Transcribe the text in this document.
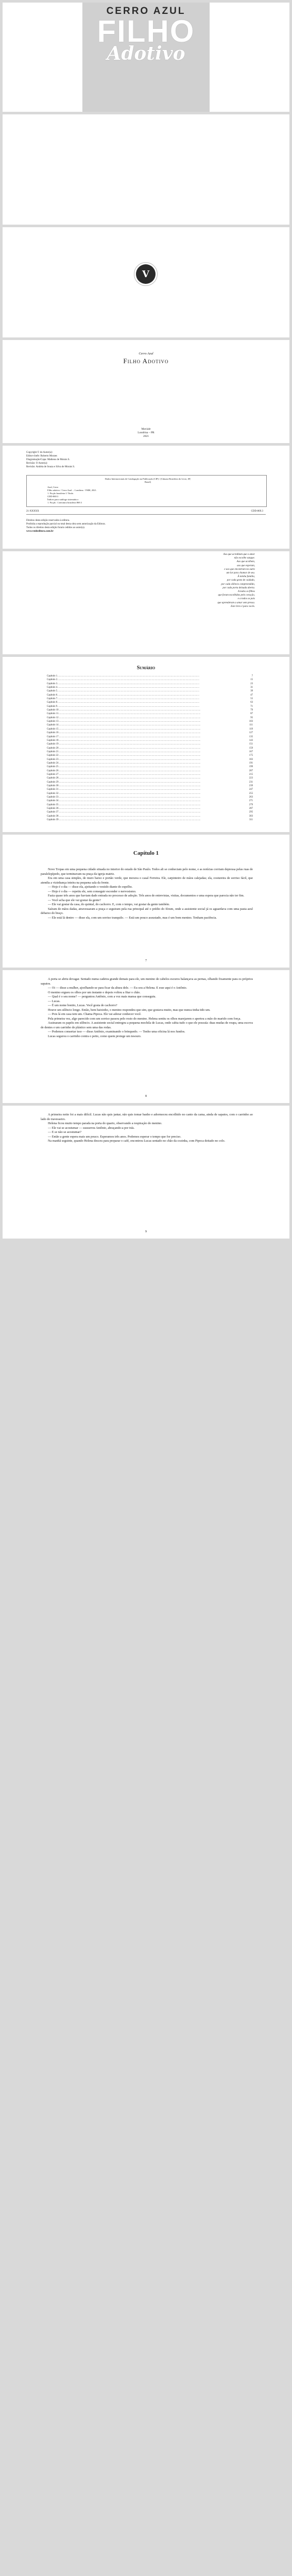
CERRO AZUL
FILHO
Adotivo
V
Cerro Azul
Filho Adotivo
Maviale
Londrina – PR
2021
Copyright © do Autor(a):
Editor-chefe: Roberto Moraes
Diagramação/Capa: Matheus de Morais S.
Revisão: O Autor(a)
Revisão: Andréa de Souza e Silva de Morais S.
Dados Internacionais de Catalogação na Publicação (CIP) / (Câmara Brasileira do Livro, SP, Brasil)
Azul, Cerro
Filho adotivo / Cerro Azul. – Londrina : VMH, 2021.
1. Ficção brasileira I. Título.
CDD-869.3
Índices para catálogo sistemático:
1. Ficção : Literatura brasileira 869.3
21-XXXXX	CDD-869.3
Direitos desta edição reservados à editora.
Proibida a reprodução parcial ou total desta obra sem autorização da Editora.
Todos os direitos desta edição foram cedidos ao autor(a).
www.vmheditora.com.br
Aos que acreditam que o amor
não escolhe sangue.
Aos que acolhem,
aos que esperam,
e aos que encontram no outro
um lar para chamar de seu.
À minha família,
por cada gesto de cuidado,
por cada silêncio compreendido,
por cada porta deixada aberta.
A todos os filhos
que foram escolhidos pelo coração,
e a todos os pais
que aprenderam a amar sem pressa.
Este livro é para vocês.
Sumário
Capítulo 1 .....	7
Capítulo 2 .....	15
Capítulo 3 .....	23
Capítulo 4 .....	31
Capítulo 5 .....	39
Capítulo 6 .....	47
Capítulo 7 .....	55
Capítulo 8 .....	63
Capítulo 9 .....	71
Capítulo 10 .....	79
Capítulo 11 .....	87
Capítulo 12 .....	95
Capítulo 13 .....	103
Capítulo 14 .....	111
Capítulo 15 .....	119
Capítulo 16 .....	127
Capítulo 17 .....	135
Capítulo 18 .....	143
Capítulo 19 .....	151
Capítulo 20 .....	159
Capítulo 21 .....	167
Capítulo 22 .....	175
Capítulo 23 .....	183
Capítulo 24 .....	191
Capítulo 25 .....	199
Capítulo 26 .....	207
Capítulo 27 .....	215
Capítulo 28 .....	223
Capítulo 29 .....	231
Capítulo 30 .....	239
Capítulo 31 .....	247
Capítulo 32 .....	255
Capítulo 33 .....	263
Capítulo 34 .....	271
Capítulo 35 .....	279
Capítulo 36 .....	287
Capítulo 37 .....	295
Capítulo 38 .....	303
Capítulo 39 .....	311
Capítulo 1

Nove Tropas em uma pequena cidade situada no interior do estado de São Paulo. Todos ali se conheciam pelo nome, e as notícias corriam depressa pelas ruas de paralelepípedo, que terminavam na praça da igreja matriz.

Era em uma casa simples, de muro baixo e portão verde, que morava o casal Ferreira. Ele, carpinteiro de mãos calejadas; ela, costureira de sorriso fácil, que atendia a vizinhança inteira na pequena sala da frente.

— Hoje é o dia — disse ela, ajeitando o vestido diante do espelho.

— Hoje é o dia — repetiu ele, sem conseguir esconder o nervosismo.

Fazia quase três anos que haviam dado entrada no processo de adoção. Três anos de entrevistas, visitas, documentos e uma espera que parecia não ter fim.

— Você acha que ele vai gostar da gente?

— Ele vai gostar da casa, do quintal, do cachorro. E, com o tempo, vai gostar da gente também.

Saíram de mãos dadas, atravessaram a praça e seguiram pela rua principal até o prédio do fórum, onde a assistente social já os aguardava com uma pasta azul debaixo do braço.

— Ele está lá dentro — disse ela, com um sorriso tranquilo. — Está um pouco assustado, mas é um bom menino. Tenham paciência.

7

A porta se abriu devagar. Sentado numa cadeira grande demais para ele, um menino de cabelos escuros balançava as pernas, olhando fixamente para os próprios sapatos.

— Oi — disse a mulher, ajoelhando-se para ficar da altura dele. — Eu sou a Helena. E esse aqui é o Antônio.

O menino ergueu os olhos por um instante e depois voltou a fitar o chão.

— Qual é o seu nome? — perguntou Antônio, com a voz mais mansa que conseguiu.

— Lucas.

— É um nome bonito, Lucas. Você gosta de cachorro?

Houve um silêncio longo. Então, bem baixinho, o menino respondeu que sim, que gostava muito, mas que nunca tinha tido um.

— Pois lá em casa tem um. Chama Pipoca. Ele vai adorar conhecer você.

Pela primeira vez, algo parecido com um sorriso passou pelo rosto do menino. Helena sentiu os olhos marejarem e apertou a mão do marido com força.

Assinaram os papéis em silêncio. A assistente social entregou a pequena mochila de Lucas, onde cabia tudo o que ele possuía: duas mudas de roupa, uma escova de dentes e um carrinho de plástico sem uma das rodas.

— Podemos consertar isso — disse Antônio, examinando o brinquedo. — Tenho uma oficina lá nos fundos.

Lucas segurou o carrinho contra o peito, como quem protege um tesouro.

8

A primeira noite foi a mais difícil. Lucas não quis jantar, não quis tomar banho e adormeceu encolhido no canto da cama, ainda de sapatos, com o carrinho ao lado do travesseiro.

Helena ficou muito tempo parada na porta do quarto, observando a respiração do menino.

— Ele vai se acostumar — sussurrou Antônio, abraçando-a por trás.

— E se não se acostumar?

— Então a gente espera mais um pouco. Esperamos três anos. Podemos esperar o tempo que for preciso.

Na manhã seguinte, quando Helena desceu para preparar o café, encontrou Lucas sentado no chão da cozinha, com Pipoca deitado no colo.

9
